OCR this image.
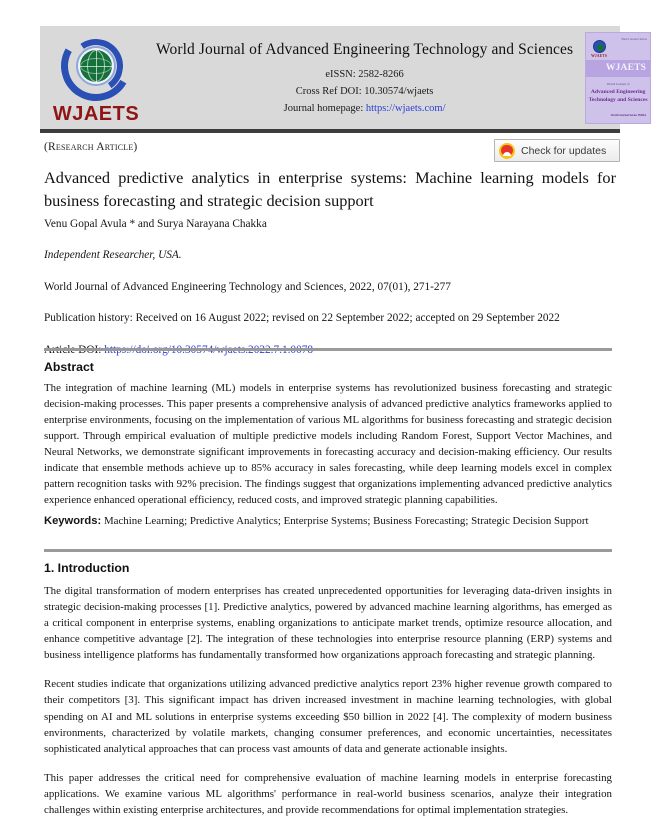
WJAETS
World Journal of Advanced Engineering Technology and Sciences
eISSN: 2582-8266
Cross Ref DOI: 10.30574/wjaets
Journal homepage: https://wjaets.com/
World Journal Series
WJAETS
WJAETS
World Journal of
Advanced Engineering Technology and Sciences
World Journal Series INDIA
(Research Article)	Check for updates
Advanced predictive analytics in enterprise systems: Machine learning models for business forecasting and strategic decision support
Venu Gopal Avula * and Surya Narayana Chakka
Independent Researcher, USA.
World Journal of Advanced Engineering Technology and Sciences, 2022, 07(01), 271-277
Publication history: Received on 16 August 2022; revised on 22 September 2022; accepted on 29 September 2022
Abstract
The integration of machine learning (ML) models in enterprise systems has revolutionized business forecasting and strategic decision-making processes. This paper presents a comprehensive analysis of advanced predictive analytics frameworks applied to enterprise environments, focusing on the implementation of various ML algorithms for business forecasting and strategic decision support. Through empirical evaluation of multiple predictive models including Random Forest, Support Vector Machines, and Neural Networks, we demonstrate significant improvements in forecasting accuracy and decision-making efficiency. Our results indicate that ensemble methods achieve up to 85% accuracy in sales forecasting, while deep learning models excel in complex pattern recognition tasks with 92% precision. The findings suggest that organizations implementing advanced predictive analytics experience enhanced operational efficiency, reduced costs, and improved strategic planning capabilities.
Keywords: Machine Learning; Predictive Analytics; Enterprise Systems; Business Forecasting; Strategic Decision Support
1. Introduction

The digital transformation of modern enterprises has created unprecedented opportunities for leveraging data-driven insights in strategic decision-making processes [1]. Predictive analytics, powered by advanced machine learning algorithms, has emerged as a critical component in enterprise systems, enabling organizations to anticipate market trends, optimize resource allocation, and enhance competitive advantage [2]. The integration of these technologies into enterprise resource planning (ERP) systems and business intelligence platforms has fundamentally transformed how organizations approach forecasting and strategic planning.

Recent studies indicate that organizations utilizing advanced predictive analytics report 23% higher revenue growth compared to their competitors [3]. This significant impact has driven increased investment in machine learning technologies, with global spending on AI and ML solutions in enterprise systems exceeding $50 billion in 2022 [4]. The complexity of modern business environments, characterized by volatile markets, changing consumer preferences, and economic uncertainties, necessitates sophisticated analytical approaches that can process vast amounts of data and generate actionable insights.

This paper addresses the critical need for comprehensive evaluation of machine learning models in enterprise forecasting applications. We examine various ML algorithms' performance in real-world business scenarios, analyze their integration challenges within existing enterprise architectures, and provide recommendations for optimal implementation strategies.
